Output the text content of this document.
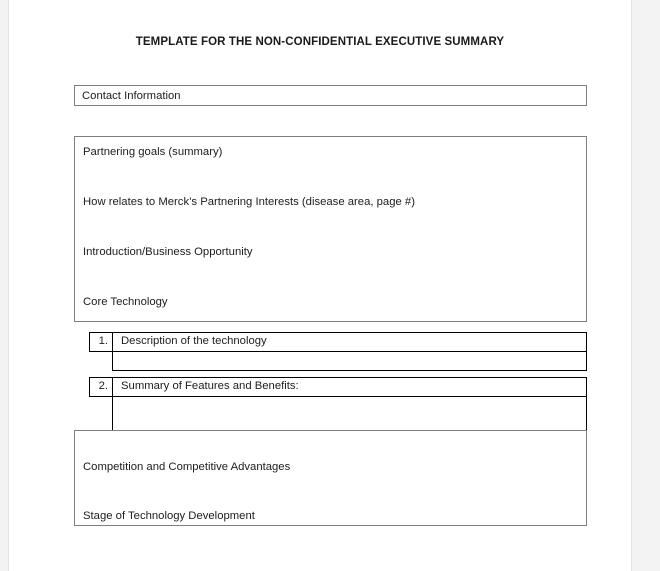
TEMPLATE FOR THE NON-CONFIDENTIAL EXECUTIVE SUMMARY
Contact Information
Partnering goals (summary)
How relates to Merck’s Partnering Interests (disease area, page #)
Introduction/Business Opportunity
Core Technology
1.	Description of the technology
2.	Summary of Features and Benefits:
Competition and Competitive Advantages
Stage of Technology Development
